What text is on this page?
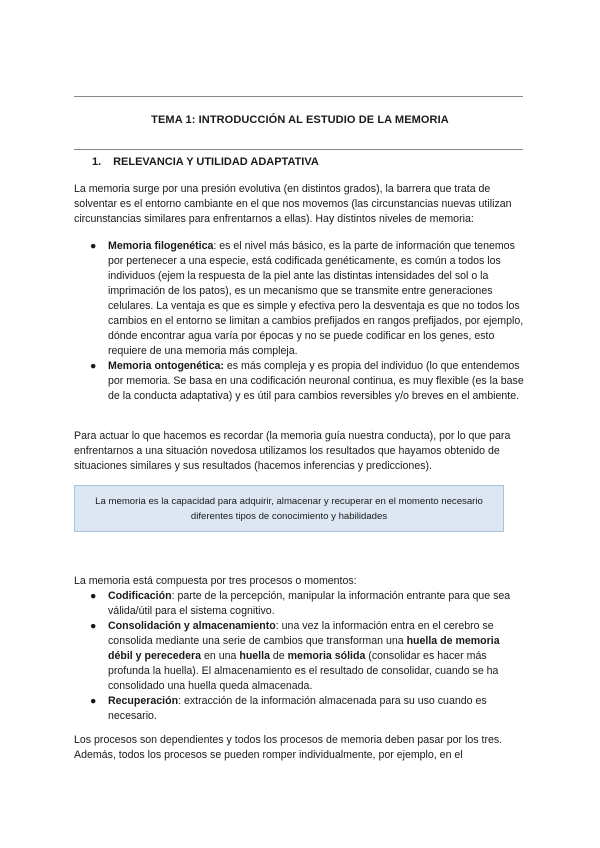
TEMA 1: INTRODUCCIÓN AL ESTUDIO DE LA MEMORIA
1. RELEVANCIA Y UTILIDAD ADAPTATIVA
La memoria surge por una presión evolutiva (en distintos grados), la barrera que trata de solventar es el entorno cambiante en el que nos movemos (las circunstancias nuevas utilizan circunstancias similares para enfrentarnos a ellas). Hay distintos niveles de memoria:
● Memoria filogenética: es el nivel más básico, es la parte de información que tenemos por pertenecer a una especie, está codificada genéticamente, es común a todos los individuos (ejem la respuesta de la piel ante las distintas intensidades del sol o la imprimación de los patos), es un mecanismo que se transmite entre generaciones celulares. La ventaja es que es simple y efectiva pero la desventaja es que no todos los cambios en el entorno se limitan a cambios prefijados en rangos prefijados, por ejemplo, dónde encontrar agua varía por épocas y no se puede codificar en los genes, esto requiere de una memoria más compleja.
● Memoria ontogenética: es más compleja y es propia del individuo (lo que entendemos por memoria. Se basa en una codificación neuronal continua, es muy flexible (es la base de la conducta adaptativa) y es útil para cambios reversibles y/o breves en el ambiente.
Para actuar lo que hacemos es recordar (la memoria guía nuestra conducta), por lo que para enfrentarnos a una situación novedosa utilizamos los resultados que hayamos obtenido de situaciones similares y sus resultados (hacemos inferencias y predicciones).
La memoria es la capacidad para adquirir, almacenar y recuperar en el momento necesario diferentes tipos de conocimiento y habilidades
La memoria está compuesta por tres procesos o momentos:
● Codificación: parte de la percepción, manipular la información entrante para que sea válida/útil para el sistema cognitivo.
● Consolidación y almacenamiento: una vez la información entra en el cerebro se consolida mediante una serie de cambios que transforman una huella de memoria débil y perecedera en una huella de memoria sólida (consolidar es hacer más profunda la huella). El almacenamiento es el resultado de consolidar, cuando se ha consolidado una huella queda almacenada.
● Recuperación: extracción de la información almacenada para su uso cuando es necesario.
Los procesos son dependientes y todos los procesos de memoria deben pasar por los tres. Además, todos los procesos se pueden romper individualmente, por ejemplo, en el
